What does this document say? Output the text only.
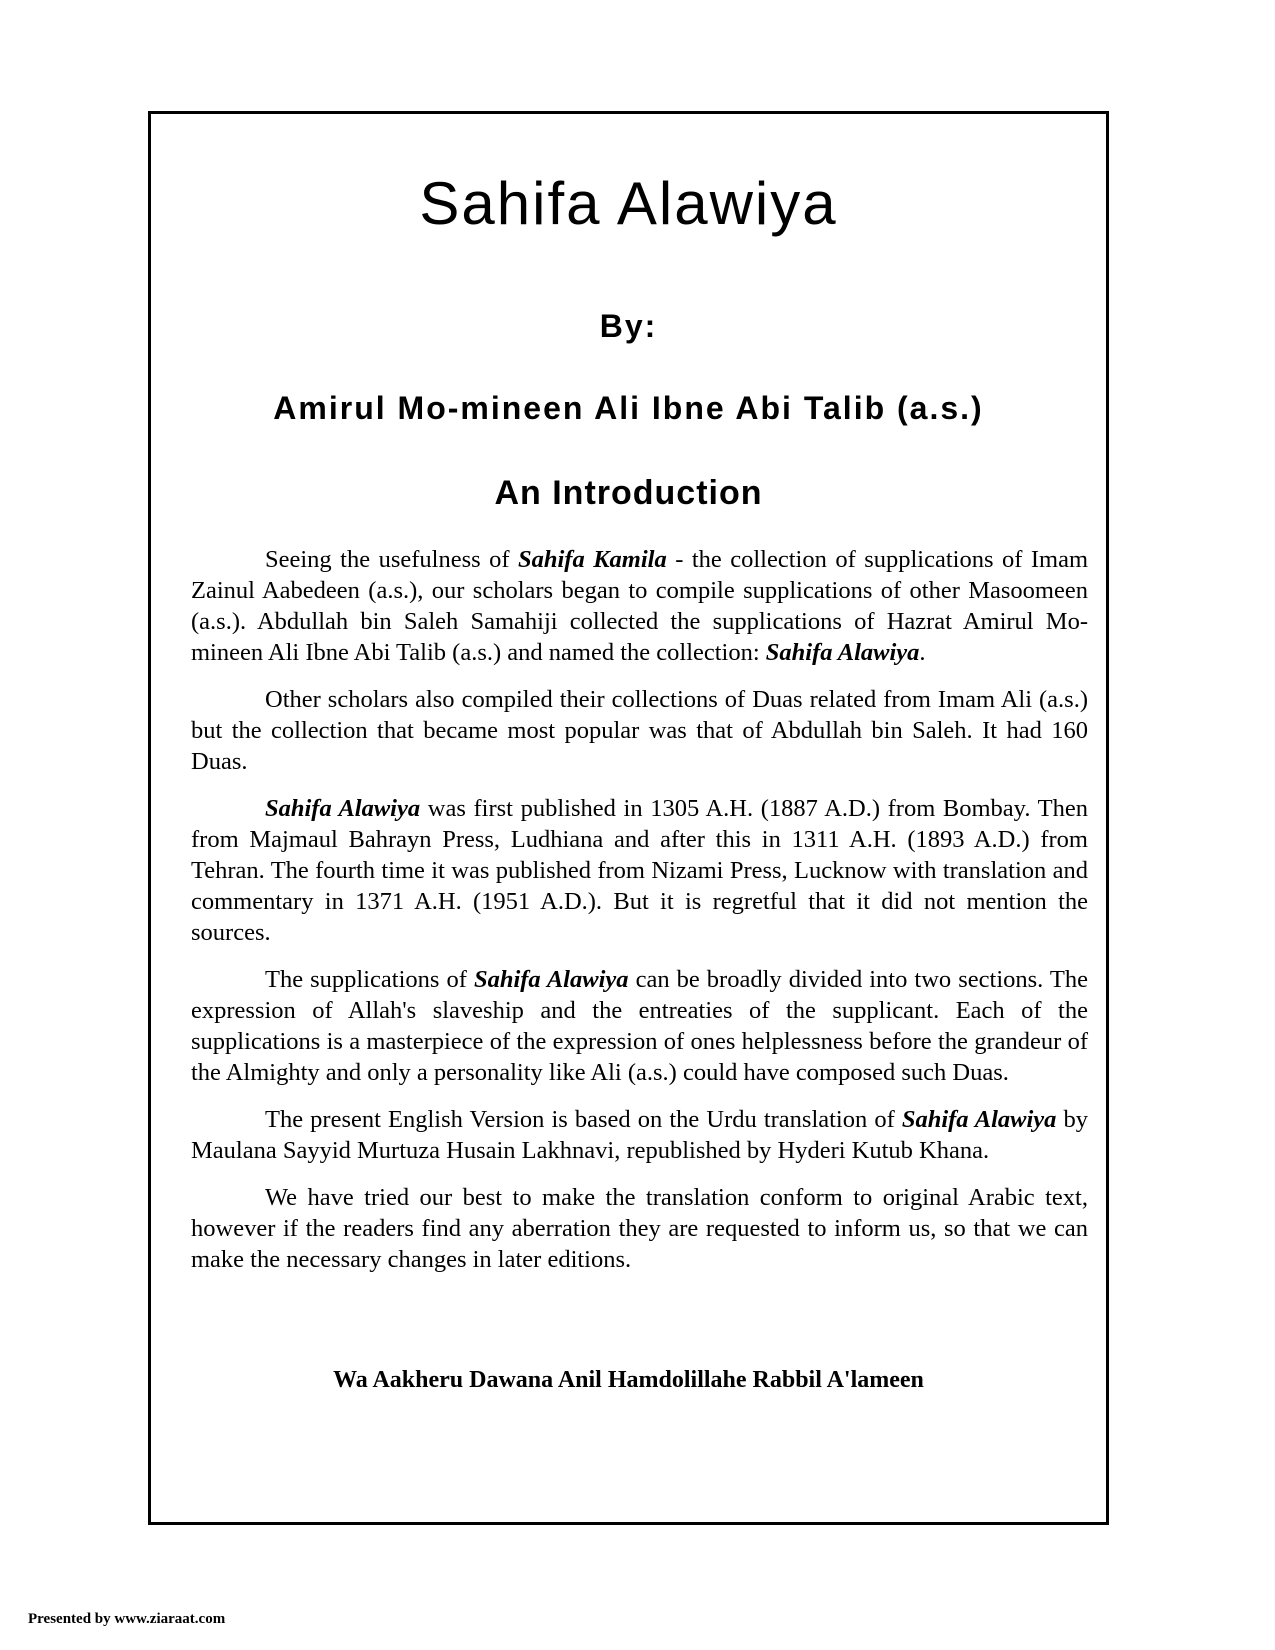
Sahifa Alawiya
By:
Amirul Mo-mineen Ali Ibne Abi Talib (a.s.)
An Introduction

Seeing the usefulness of Sahifa Kamila - the collection of supplications of Imam Zainul Aabedeen (a.s.), our scholars began to compile supplications of other Masoomeen (a.s.). Abdullah bin Saleh Samahiji collected the supplications of Hazrat Amirul Mo-mineen Ali Ibne Abi Talib (a.s.) and named the collection: Sahifa Alawiya.

Other scholars also compiled their collections of Duas related from Imam Ali (a.s.) but the collection that became most popular was that of Abdullah bin Saleh. It had 160 Duas.

Sahifa Alawiya was first published in 1305 A.H. (1887 A.D.) from Bombay. Then from Majmaul Bahrayn Press, Ludhiana and after this in 1311 A.H. (1893 A.D.) from Tehran. The fourth time it was published from Nizami Press, Lucknow with translation and commentary in 1371 A.H. (1951 A.D.). But it is regretful that it did not mention the sources.

The supplications of Sahifa Alawiya can be broadly divided into two sections. The expression of Allah's slaveship and the entreaties of the supplicant. Each of the supplications is a masterpiece of the expression of ones helplessness before the grandeur of the Almighty and only a personality like Ali (a.s.) could have composed such Duas.

The present English Version is based on the Urdu translation of Sahifa Alawiya by Maulana Sayyid Murtuza Husain Lakhnavi, republished by Hyderi Kutub Khana.

We have tried our best to make the translation conform to original Arabic text, however if the readers find any aberration they are requested to inform us, so that we can make the necessary changes in later editions.

Wa Aakheru Dawana Anil Hamdolillahe Rabbil A'lameen
Presented by www.ziaraat.com
